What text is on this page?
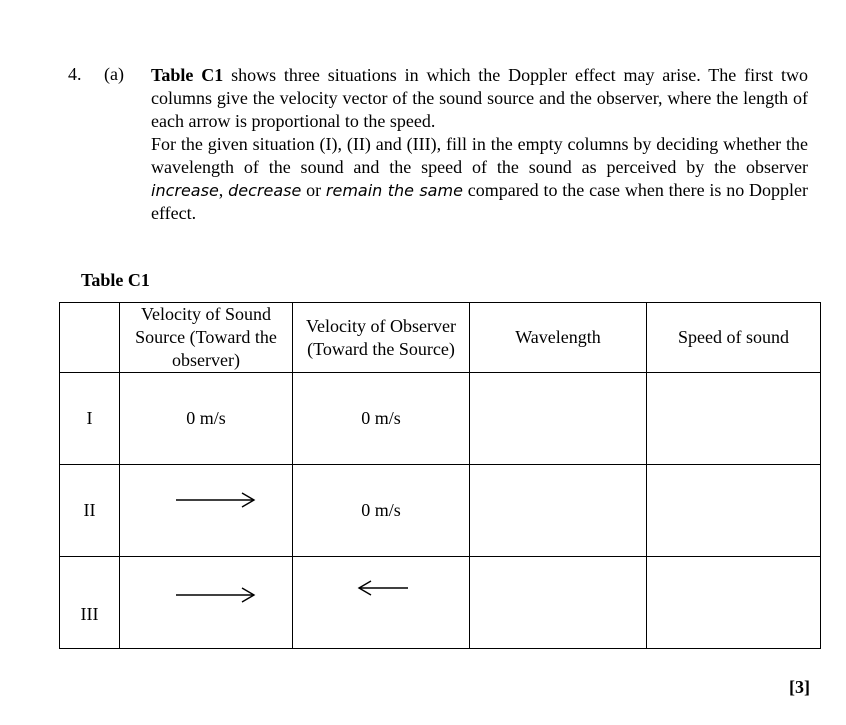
4. (a) Table C1 shows three situations in which the Doppler effect may arise. The first two columns give the velocity vector of the sound source and the observer, where the length of each arrow is proportional to the speed.

For the given situation (I), (II) and (III), fill in the empty columns by deciding whether the wavelength of the sound and the speed of the sound as perceived by the observer increase, decrease or remain the same compared to the case when there is no Doppler effect.

Table C1
	Velocity of Sound Source (Toward the observer)	Velocity of Observer (Toward the Source)	Wavelength	Speed of sound
I	0 m/s	0 m/s		
II		0 m/s		
III	

[3]
